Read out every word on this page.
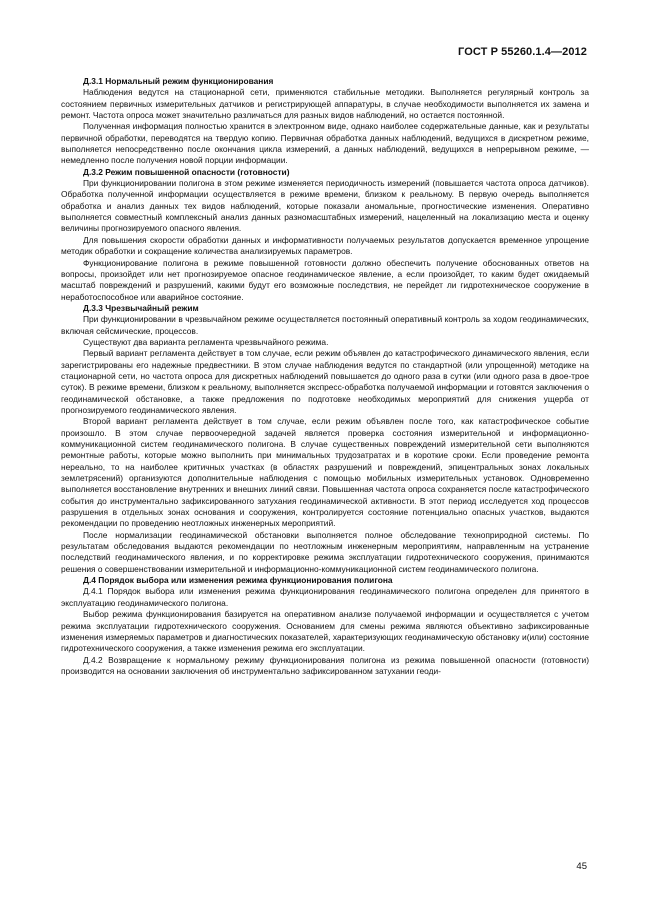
ГОСТ Р 55260.1.4—2012
Д.3.1 Нормальный режим функционирования

Наблюдения ведутся на стационарной сети, применяются стабильные методики. Выполняется регулярный контроль за состоянием первичных измерительных датчиков и регистрирующей аппаратуры, в случае необходимости выполняется их замена и ремонт. Частота опроса может значительно различаться для разных видов наблюдений, но остается постоянной.

Полученная информация полностью хранится в электронном виде, однако наиболее содержательные данные, как и результаты первичной обработки, переводятся на твердую копию. Первичная обработка данных наблюдений, ведущихся в дискретном режиме, выполняется непосредственно после окончания цикла измерений, а данных наблюдений, ведущихся в непрерывном режиме, — немедленно после получения новой порции информации.

Д.3.2 Режим повышенной опасности (готовности)

При функционировании полигона в этом режиме изменяется периодичность измерений (повышается частота опроса датчиков). Обработка полученной информации осуществляется в режиме времени, близком к реальному. В первую очередь выполняется обработка и анализ данных тех видов наблюдений, которые показали аномальные, прогностические изменения. Оперативно выполняется совместный комплексный анализ данных разномасштабных измерений, нацеленный на локализацию места и оценку величины прогнозируемого опасного явления.

Для повышения скорости обработки данных и информативности получаемых результатов допускается временное упрощение методик обработки и сокращение количества анализируемых параметров.

Функционирование полигона в режиме повышенной готовности должно обеспечить получение обоснованных ответов на вопросы, произойдет или нет прогнозируемое опасное геодинамическое явление, а если произойдет, то каким будет ожидаемый масштаб повреждений и разрушений, какими будут его возможные последствия, не перейдет ли гидротехническое сооружение в неработоспособное или аварийное состояние.

Д.3.3 Чрезвычайный режим

При функционировании в чрезвычайном режиме осуществляется постоянный оперативный контроль за ходом геодинамических, включая сейсмические, процессов.

Существуют два варианта регламента чрезвычайного режима.

Первый вариант регламента действует в том случае, если режим объявлен до катастрофического динамического явления, если зарегистрированы его надежные предвестники. В этом случае наблюдения ведутся по стандартной (или упрощенной) методике на стационарной сети, но частота опроса для дискретных наблюдений повышается до одного раза в сутки (или одного раза в двое-трое суток). В режиме времени, близком к реальному, выполняется экспресс-обработка получаемой информации и готовятся заключения о геодинамической обстановке, а также предложения по подготовке необходимых мероприятий для снижения ущерба от прогнозируемого геодинамического явления.

Второй вариант регламента действует в том случае, если режим объявлен после того, как катастрофическое событие произошло. В этом случае первоочередной задачей является проверка состояния измерительной и информационно-коммуникационной систем геодинамического полигона. В случае существенных повреждений измерительной сети выполняются ремонтные работы, которые можно выполнить при минимальных трудозатратах и в короткие сроки. Если проведение ремонта нереально, то на наиболее критичных участках (в областях разрушений и повреждений, эпицентральных зонах локальных землетрясений) организуются дополнительные наблюдения с помощью мобильных измерительных установок. Одновременно выполняется восстановление внутренних и внешних линий связи. Повышенная частота опроса сохраняется после катастрофического события до инструментально зафиксированного затухания геодинамической активности. В этот период исследуется ход процессов разрушения в отдельных зонах основания и сооружения, контролируется состояние потенциально опасных участков, выдаются рекомендации по проведению неотложных инженерных мероприятий.

После нормализации геодинамической обстановки выполняется полное обследование технoприродной системы. По результатам обследования выдаются рекомендации по неотложным инженерным мероприятиям, направленным на устранение последствий геодинамического явления, и по корректировке режима эксплуатации гидротехнического сооружения, принимаются решения о совершенствовании измерительной и информационно-коммуникационной систем геодинамического полигона.

Д.4 Порядок выбора или изменения режима функционирования полигона

Д.4.1 Порядок выбора или изменения режима функционирования геодинамического полигона определен для принятого в эксплуатацию геодинамического полигона.

Выбор режима функционирования базируется на оперативном анализе получаемой информации и осуществляется с учетом режима эксплуатации гидротехнического сооружения. Основанием для смены режима являются объективно зафиксированные изменения измеряемых параметров и диагностических показателей, характеризующих геодинамическую обстановку и(или) состояние гидротехнического сооружения, а также изменения режима его эксплуатации.

Д.4.2 Возвращение к нормальному режиму функционирования полигона из режима повышенной опасности (готовности) производится на основании заключения об инструментально зафиксированном затухании геоди-

45
